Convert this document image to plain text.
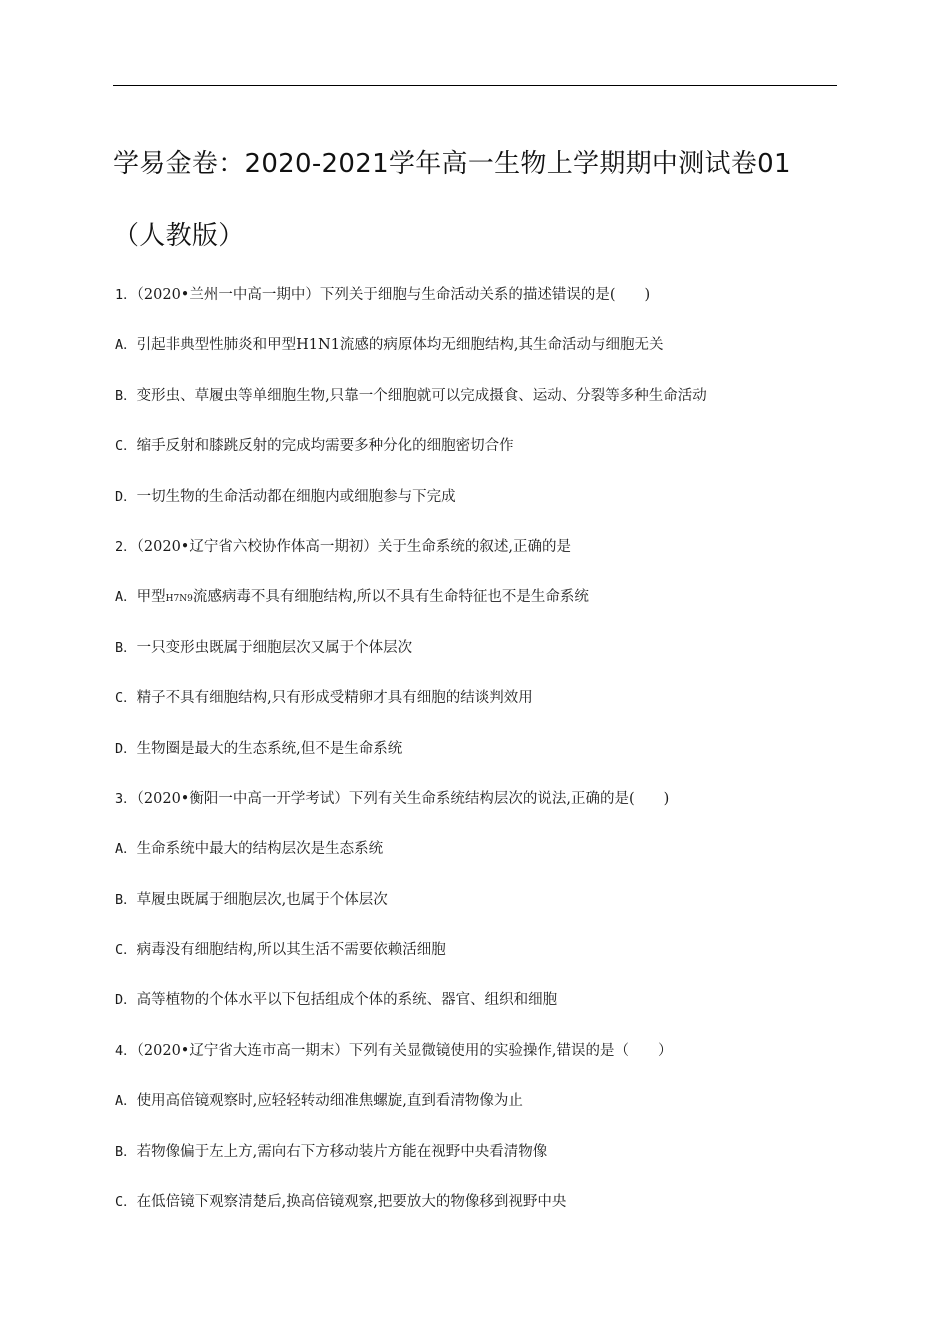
学易金卷：2020-2021学年高一生物上学期期中测试卷01（人教版）
1．（2020•兰州一中高一期中）下列关于细胞与生命活动关系的描述错误的是(　　)
A．引起非典型性肺炎和甲型H1N1流感的病原体均无细胞结构,其生命活动与细胞无关
B．变形虫、草履虫等单细胞生物,只靠一个细胞就可以完成摄食、运动、分裂等多种生命活动
C．缩手反射和膝跳反射的完成均需要多种分化的细胞密切合作
D．一切生物的生命活动都在细胞内或细胞参与下完成
2．（2020•辽宁省六校协作体高一期初）关于生命系统的叙述,正确的是
A．甲型H7N9流感病毒不具有细胞结构,所以不具有生命特征也不是生命系统
B．一只变形虫既属于细胞层次又属于个体层次
C．精子不具有细胞结构,只有形成受精卵才具有细胞的结谈判效用
D．生物圈是最大的生态系统,但不是生命系统
3．（2020•衡阳一中高一开学考试）下列有关生命系统结构层次的说法,正确的是(　　)
A．生命系统中最大的结构层次是生态系统
B．草履虫既属于细胞层次,也属于个体层次
C．病毒没有细胞结构,所以其生活不需要依赖活细胞
D．高等植物的个体水平以下包括组成个体的系统、器官、组织和细胞
4．（2020•辽宁省大连市高一期末）下列有关显微镜使用的实验操作,错误的是（　　）
A．使用高倍镜观察时,应轻轻转动细准焦螺旋,直到看清物像为止
B．若物像偏于左上方,需向右下方移动装片方能在视野中央看清物像
C．在低倍镜下观察清楚后,换高倍镜观察,把要放大的物像移到视野中央
